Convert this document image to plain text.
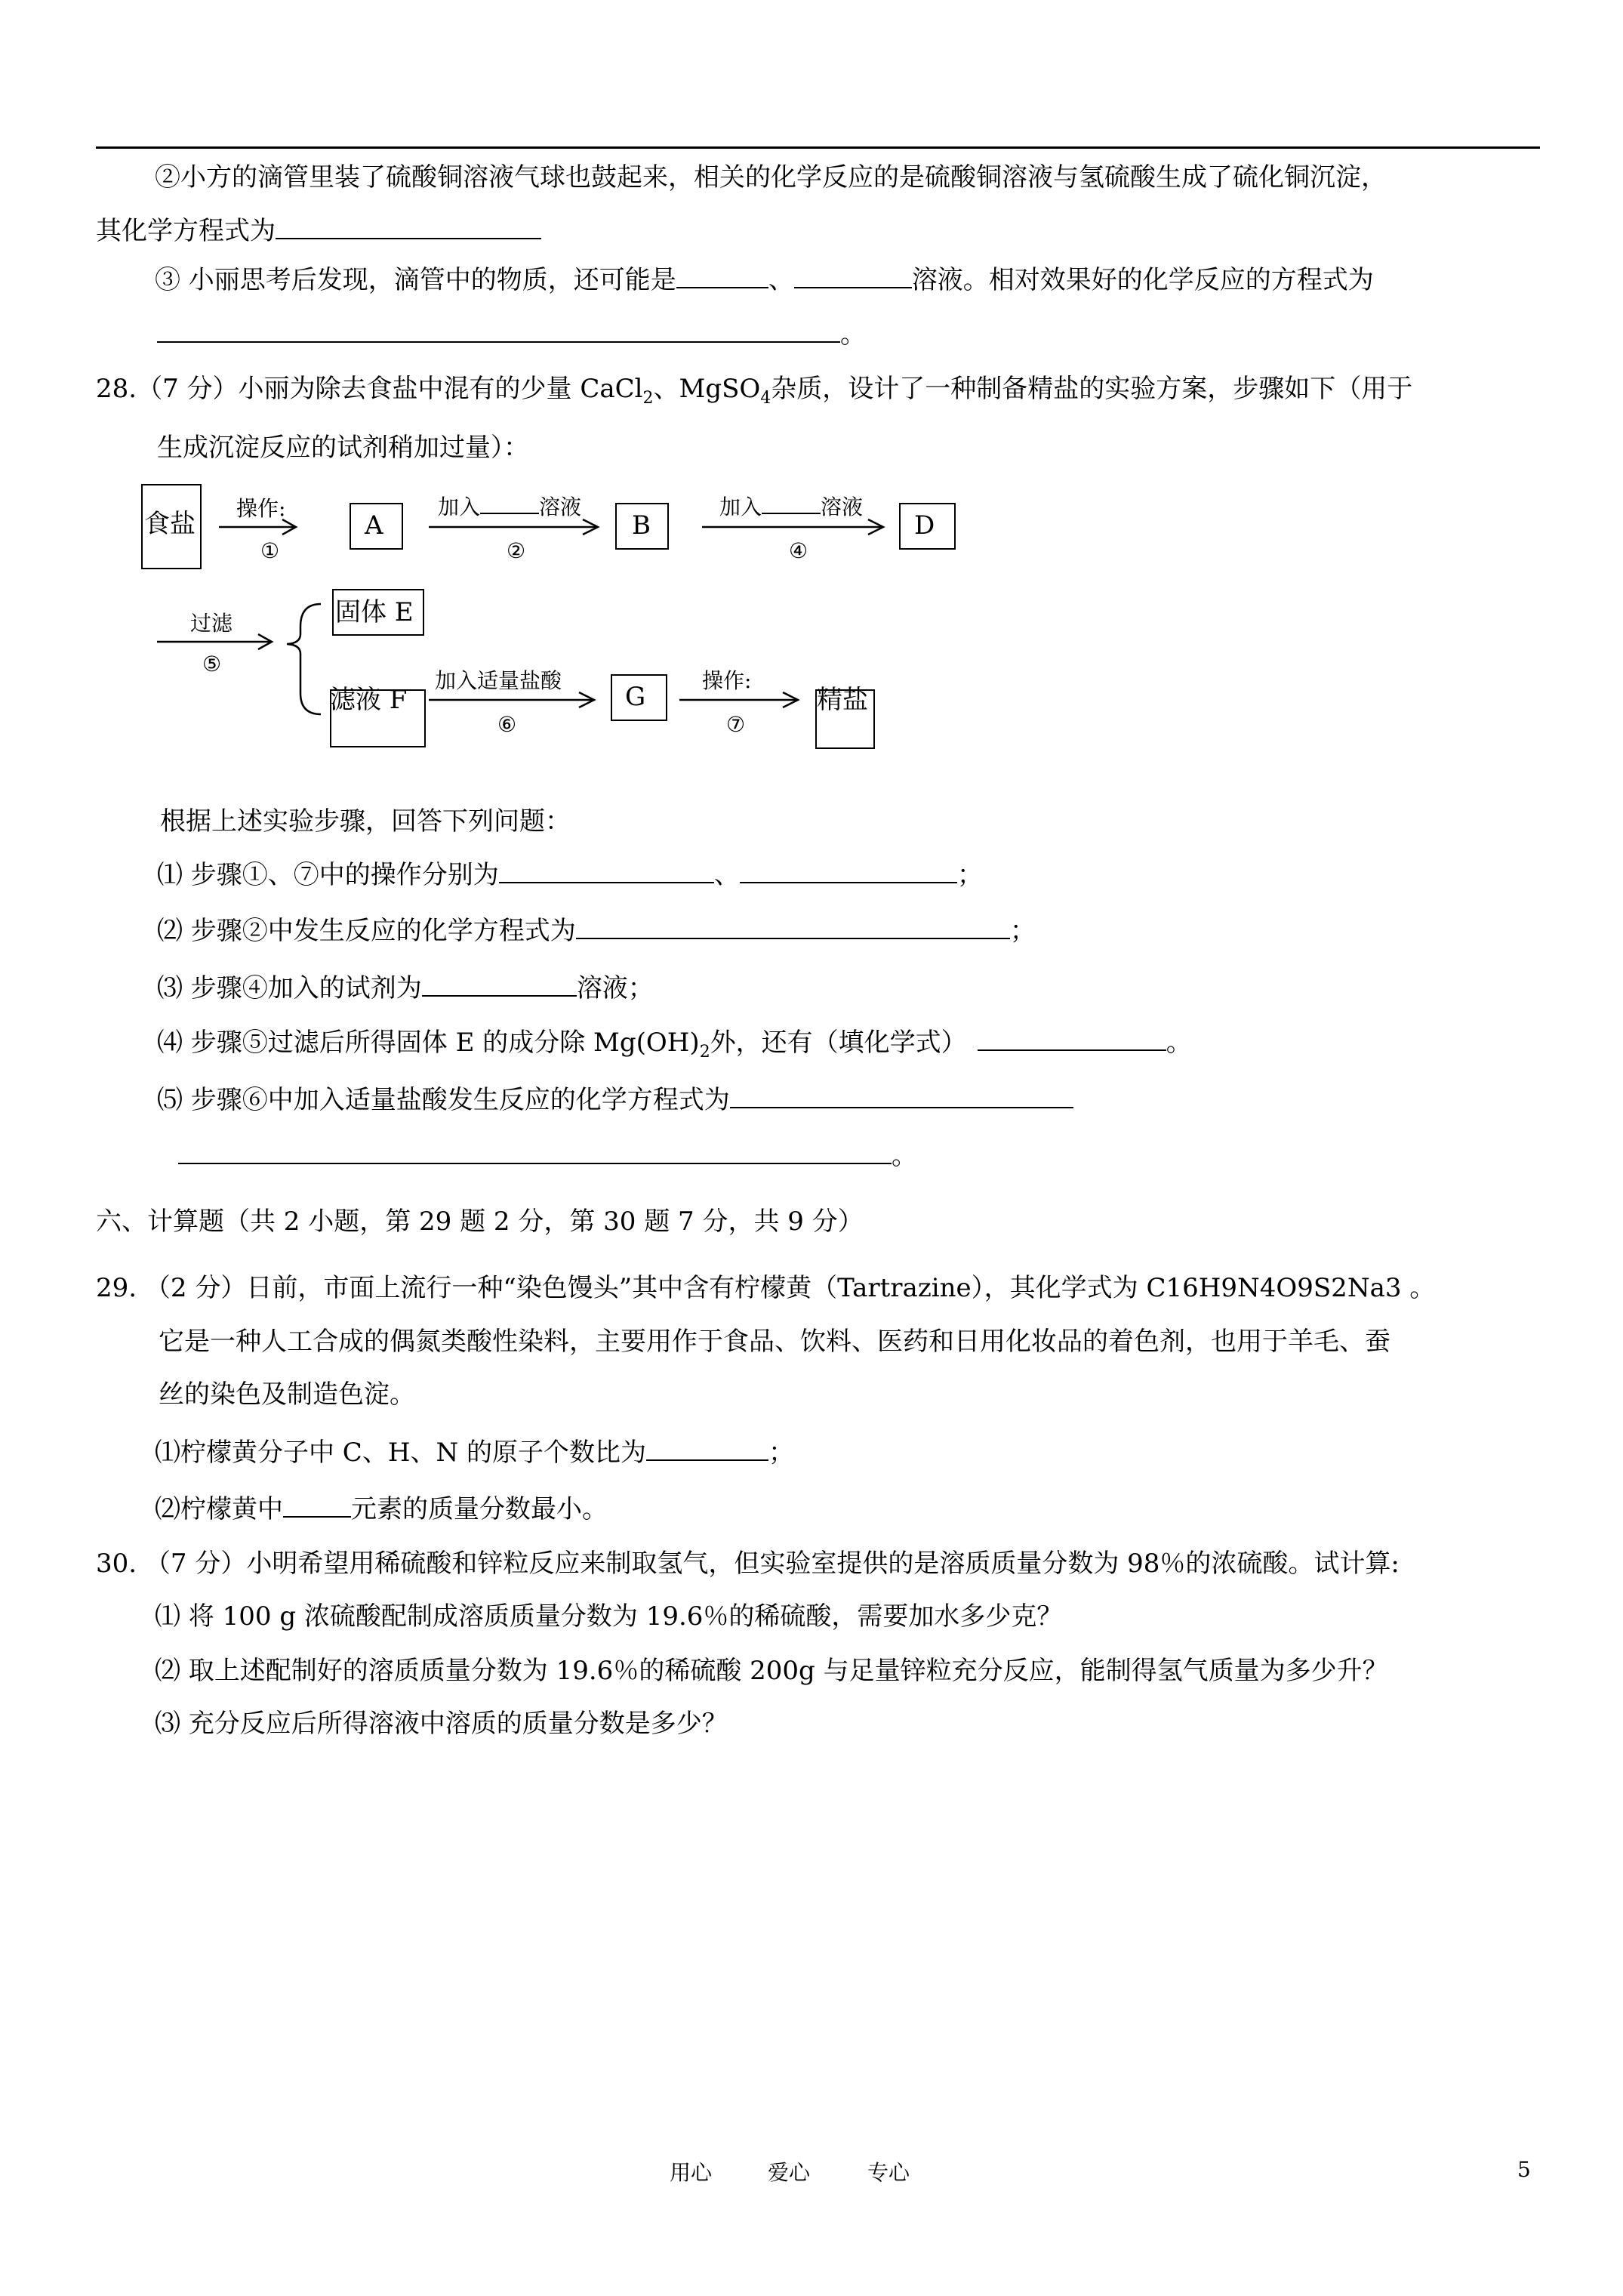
②小方的滴管里装了硫酸铜溶液气球也鼓起来，相关的化学反应的是硫酸铜溶液与氢硫酸生成了硫化铜沉淀，
其化学方程式为
③ 小丽思考后发现，滴管中的物质，还可能是	、	溶液。相对效果好的化学反应的方程式为
。
28.（7 分）小丽为除去食盐中混有的少量 CaCl$_2$、MgSO$_4$杂质，设计了一种制备精盐的实验方案，步骤如下（用于
生成沉淀反应的试剂稍加过量）：
食盐
操作:
①
A
加入	溶液
②
B
加入	溶液
④
D
过滤
⑤
固体 E
滤液 F
加入适量盐酸
⑥
G
操作:
⑦
精盐
根据上述实验步骤，回答下列问题：
⑴ 步骤①、⑦中的操作分别为	、	；
⑵ 步骤②中发生反应的化学方程式为	；
⑶ 步骤④加入的试剂为	溶液；
⑷ 步骤⑤过滤后所得固体 E 的成分除 $Mg(OH)_2$外，还有（填化学式）	。
⑸ 步骤⑥中加入适量盐酸发生反应的化学方程式为
。
六、计算题（共 2 小题，第 29 题 2 分，第 30 题 7 分，共 9 分）
29. （2 分）日前，市面上流行一种“染色馒头”其中含有柠檬黄（Tartrazine），其化学式为 C16H9N4O9S2Na3 。
它是一种人工合成的偶氮类酸性染料，主要用作于食品、饮料、医药和日用化妆品的着色剂，也用于羊毛、蚕
丝的染色及制造色淀。
⑴柠檬黄分子中 C、H、N 的原子个数比为	；
⑵柠檬黄中	元素的质量分数最小。
30. （7 分）小明希望用稀硫酸和锌粒反应来制取氢气，但实验室提供的是溶质质量分数为 98％的浓硫酸。试计算:
⑴ 将 100 g 浓硫酸配制成溶质质量分数为 19.6％的稀硫酸，需要加水多少克？
⑵ 取上述配制好的溶质质量分数为 19.6％的稀硫酸 200g 与足量锌粒充分反应，能制得氢气质量为多少升？
⑶ 充分反应后所得溶液中溶质的质量分数是多少？
用心	爱心	专心	5
